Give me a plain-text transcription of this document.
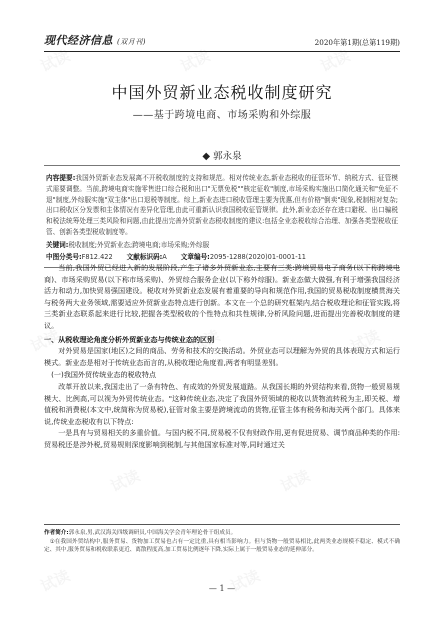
现代经济信息 (双月刊)	2020年第1期(总第119期)
中国外贸新业态税收制度研究
——基于跨境电商、市场采购和外综服
◆ 郭永泉

内容提要:我国外贸新业态发展离不开税收制度的支持和规范。相对传统业态,新业态税收的征管环节、纳税方式、征管模式需要调整。当前,跨境电商实施零售进口综合税和出口"无票免税""核定征收"制度,市场采购实施出口简化通关和"免征不退"制度,外综服实施"双主体"出口退税等制度。综上,新业态进口税收管理主要为优惠,但有价格"倒卖"现象,税制相对复杂;出口税收区分发票和主体情况有差异化管理,由此可重新认识我国税收征管规律。此外,新业态还存在进口避税、出口骗税和税法统筹处理三类风险和问题,由此提出完善外贸新业态税收制度的建议:包括全业态税收综合治理、加强各类型税收征管、创新各类型税收制度等。

关键词:税收制度;外贸新业态;跨境电商;市场采购;外综服

中图分类号:F812.422 文献标识码:A 文章编号:2095-1288(2020)01-0001-11

当前,我国外贸已经进入新的发展阶段,产生了诸多外贸新业态,主要有三类:跨境贸易电子商务(以下称跨境电商)、市场采购贸易(以下称市场采购)、外贸综合服务企业(以下称外综服)。新业态做大做强,有利于增强我国经济活力和动力,加快贸易强国建设。税收对外贸新业态发展有着重要的导向和规范作用,我国的贸易税收制度横贯海关与税务两大业务领域,需要适应外贸新业态特点进行创新。本文在一个总的研究框架内,结合税收理论和征管实践,将三类新业态联系起来进行比较,把握各类型税收的个性特点和共性规律,分析风险问题,进而提出完善税收制度的建议。

一、从税收理论角度分析外贸新业态与传统业态的区别

对外贸易是国家(地区)之间的商品、劳务和技术的交换活动。外贸业态可以理解为外贸的具体表现方式和运行模式。新业态是相对于传统业态而言的,从税收理论角度看,两者有明显差别。

(一)我国外贸传统业态的税收特点

改革开放以来,我国走出了一条有特色、有成效的外贸发展道路。从我国长期的外贸结构来看,货物一般贸易规模大、比例高,可以视为外贸传统业态。"这种传统业态,决定了我国外贸领域的税收以货物流转税为主,即关税、增值税和消费税(本文中,统简称为贸易税),征管对象主要是跨境流动的货物,征管主体有税务和海关两个部门。具体来说,传统业态税收有以下特点:

一是具有与贸易相关的多重价值。与国内税不同,贸易税不仅有财政作用,更有促进贸易、调节商品种类的作用:贸易税还是涉外税,贸易规则深度影响到税制,与其他国家标准对等,同时通过关

作者简介:郭永泉,男,武汉海关四级调研员,中国海关学会青年理论骨干组成员。

①在我国外贸结构中,服务贸易、货物加工贸易也占有一定比重,具有相当影响力。但与货物一般贸易相比,此两类业态规模不稳定、模式不确定、其中,服务贸易和税收联系更近、离散程度高,加工贸易比例逐年下降,实际上属于一般贸易业态的延伸部分。

— 1 —
